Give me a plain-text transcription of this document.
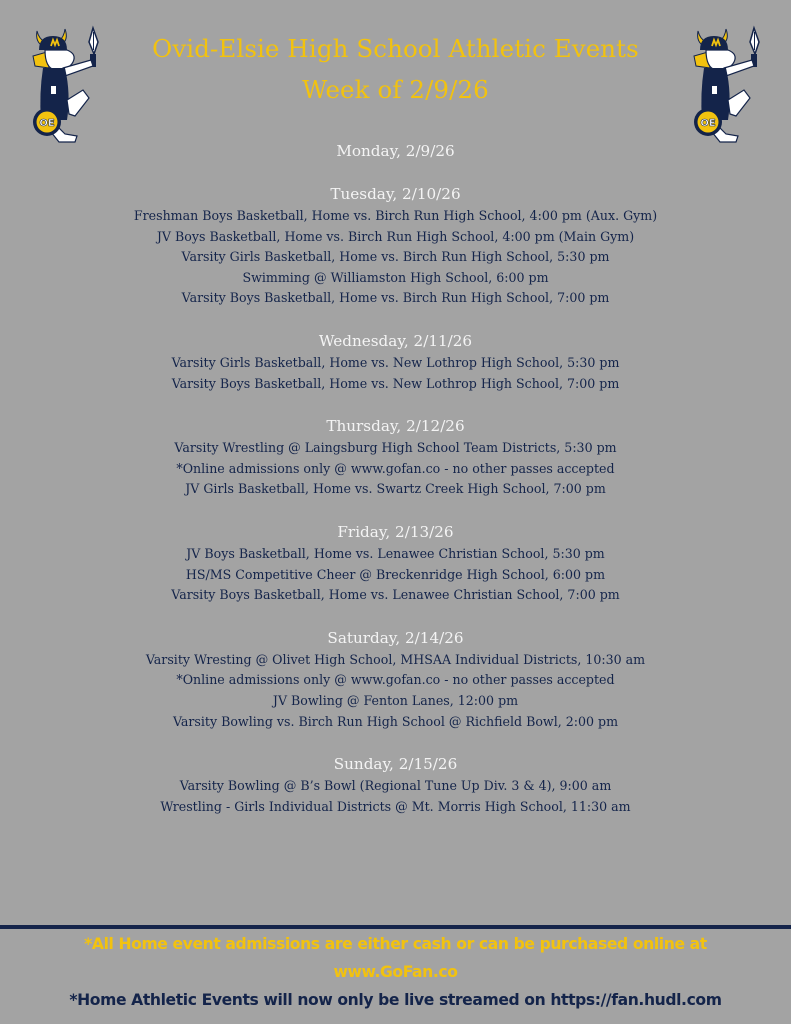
OE	OE
Ovid-Elsie High School Athletic Events
Week of 2/9/26
Monday, 2/9/26
Tuesday, 2/10/26
Freshman Boys Basketball, Home vs. Birch Run High School, 4:00 pm (Aux. Gym)
JV Boys Basketball, Home vs. Birch Run High School, 4:00 pm (Main Gym)
Varsity Girls Basketball, Home vs. Birch Run High School, 5:30 pm
Swimming @ Williamston High School, 6:00 pm
Varsity Boys Basketball, Home vs. Birch Run High School, 7:00 pm
Wednesday, 2/11/26
Varsity Girls Basketball, Home vs. New Lothrop High School, 5:30 pm
Varsity Boys Basketball, Home vs. New Lothrop High School, 7:00 pm
Thursday, 2/12/26
Varsity Wrestling @ Laingsburg High School Team Districts, 5:30 pm
*Online admissions only @ www.gofan.co - no other passes accepted
JV Girls Basketball, Home vs. Swartz Creek High School, 7:00 pm
Friday, 2/13/26
JV Boys Basketball, Home vs. Lenawee Christian School, 5:30 pm
HS/MS Competitive Cheer @ Breckenridge High School, 6:00 pm
Varsity Boys Basketball, Home vs. Lenawee Christian School, 7:00 pm
Saturday, 2/14/26
Varsity Wresting @ Olivet High School, MHSAA Individual Districts, 10:30 am
*Online admissions only @ www.gofan.co - no other passes accepted
JV Bowling @ Fenton Lanes, 12:00 pm
Varsity Bowling vs. Birch Run High School @ Richfield Bowl, 2:00 pm
Sunday, 2/15/26
Varsity Bowling @ B’s Bowl (Regional Tune Up Div. 3 & 4), 9:00 am
Wrestling - Girls Individual Districts @ Mt. Morris High School, 11:30 am
*All Home event admissions are either cash or can be purchased online at
www.GoFan.co
*Home Athletic Events will now only be live streamed on https://fan.hudl.com
